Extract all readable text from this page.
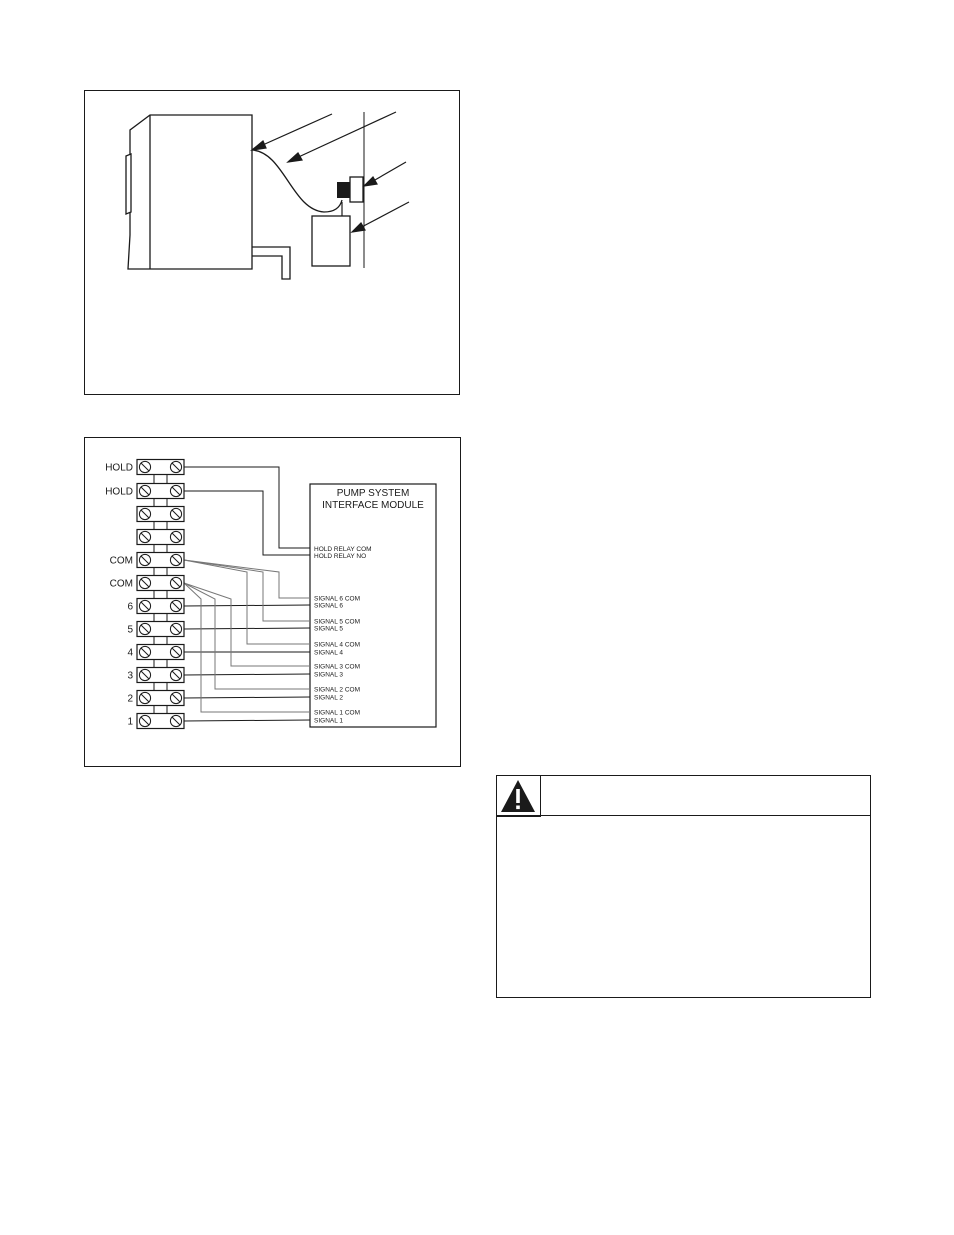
PUMP SYSTEM
INTERFACE MODULE
HOLD RELAY COM
HOLD RELAY NO
SIGNAL 6 COM
SIGNAL 6
SIGNAL 5 COM
SIGNAL 5
SIGNAL 4 COM
SIGNAL 4
SIGNAL 3 COM
SIGNAL 3
SIGNAL 2 COM
SIGNAL 2
SIGNAL 1 COM
SIGNAL 1
HOLD
HOLD
COM
COM
6
5
4
3
2
1
